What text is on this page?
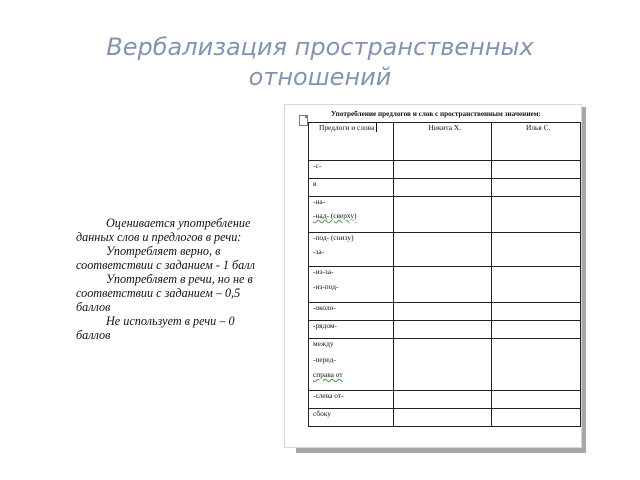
Вербализация пространственных отношений

Оценивается употребление данных слов и предлогов в речи:

Употребляет верно, в соответствии с заданием - 1 балл

Употребляет в речи, но не в соответствии с заданием – 0,5 баллов

Не использует в речи – 0 баллов

Употребление предлогов и слов с пространственным значением:
Предлоги и слова	Никита Х.	Илья С.

-с-		

в		

-на-
-над- (сверху)		

-под- (снизу)
-за-		

-из-за-
-из-под-		

-около-		

-рядом-		

между
-перед-
справа от		

-слева от-		

сбоку		
